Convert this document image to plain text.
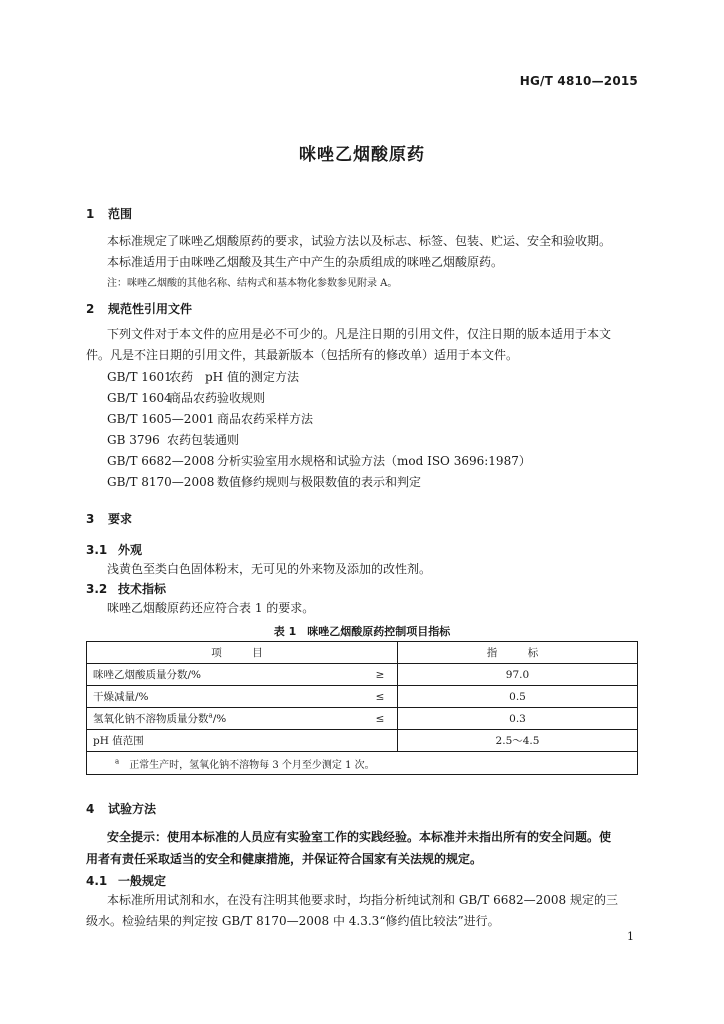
HG/T 4810—2015
咪唑乙烟酸原药
1 范围
本标准规定了咪唑乙烟酸原药的要求，试验方法以及标志、标签、包装、贮运、安全和验收期。
本标准适用于由咪唑乙烟酸及其生产中产生的杂质组成的咪唑乙烟酸原药。
注：咪唑乙烟酸的其他名称、结构式和基本物化参数参见附录 A。
2 规范性引用文件
下列文件对于本文件的应用是必不可少的。凡是注日期的引用文件，仅注日期的版本适用于本文
件。凡是不注日期的引用文件，其最新版本（包括所有的修改单）适用于本文件。
GB/T 1601农药　pH 值的测定方法
GB/T 1604商品农药验收规则
GB/T 1605—2001 商品农药采样方法
GB 3796 农药包装通则
GB/T 6682—2008 分析实验室用水规格和试验方法（mod ISO 3696:1987）
GB/T 8170—2008 数值修约规则与极限数值的表示和判定
3 要求
3.1 外观
浅黄色至类白色固体粉末，无可见的外来物及添加的改性剂。
3.2 技术指标
咪唑乙烟酸原药还应符合表 1 的要求。
表 1　咪唑乙烟酸原药控制项目指标
项　目		指　标
咪唑乙烟酸质量分数/%	≥	97.0
干燥减量/%	≤	0.5
氢氧化钠不溶物质量分数$^a$/%	≤	0.3
pH 值范围		2.5～4.5
$^a$　 正常生产时，氢氧化钠不溶物每 3 个月至少测定 1 次。		
4 试验方法
安全提示：使用本标准的人员应有实验室工作的实践经验。本标准并未指出所有的安全问题。使
用者有责任采取适当的安全和健康措施，并保证符合国家有关法规的规定。
4.1 一般规定
本标准所用试剂和水，在没有注明其他要求时，均指分析纯试剂和 GB/T 6682—2008 规定的三
级水。检验结果的判定按 GB/T 8170—2008 中 4.3.3“修约值比较法”进行。
1
